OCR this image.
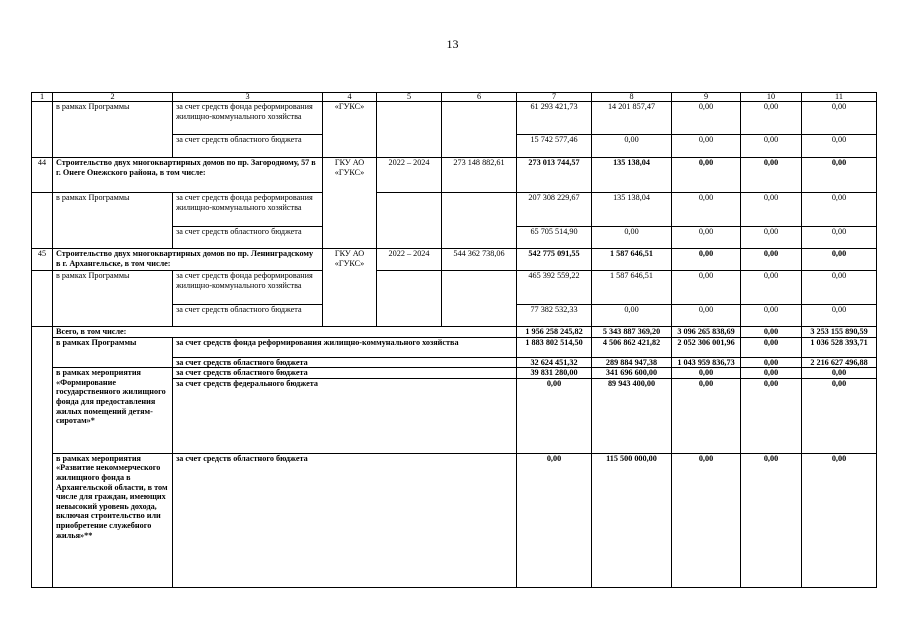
13
1	2	3	4	5	6	7	8	9	10	11
	в рамках Программы	за счет средств фонда реформирования жилищно-коммунального хозяйства	«ГУКС»			61 293 421,73	14 201 857,47	0,00	0,00	0,00
		за счет средств областного бюджета				15 742 577,46	0,00	0,00	0,00	0,00
44	Строительство двух многоквартирных домов по пр. Загородному, 57 в г. Онеге Онежского района, в том числе:		ГКУ АО «ГУКС»	2022 – 2024	273 148 882,61	273 013 744,57	135 138,04	0,00	0,00	0,00
	в рамках Программы	за счет средств фонда реформирования жилищно-коммунального хозяйства				207 308 229,67	135 138,04	0,00	0,00	0,00
		за счет средств областного бюджета				65 705 514,90	0,00	0,00	0,00	0,00
45	Строительство двух многоквартирных домов по пр. Ленинградскому в г. Архангельске, в том числе:		ГКУ АО «ГУКС»	2022 – 2024	544 362 738,06	542 775 091,55	1 587 646,51	0,00	0,00	0,00
	в рамках Программы	за счет средств фонда реформирования жилищно-коммунального хозяйства				465 392 559,22	1 587 646,51	0,00	0,00	0,00
		за счет средств областного бюджета				77 382 532,33	0,00	0,00	0,00	0,00
	Всего, в том числе:					1 956 258 245,82	5 343 887 369,20	3 096 265 838,69	0,00	3 253 155 890,59
	в рамках Программы	за счет средств фонда реформирования жилищно-коммунального хозяйства				1 883 802 514,50	4 506 862 421,82	2 052 306 001,96	0,00	1 036 528 393,71
		за счет средств областного бюджета				32 624 451,32	289 884 947,38	1 043 959 836,73	0,00	2 216 627 496,88
	в рамках мероприятия «Формирование государственного жилищного фонда для предоставления жилых помещений детям-сиротам»*	за счет средств областного бюджета				39 831 280,00	341 696 600,00	0,00	0,00	0,00
		за счет средств федерального бюджета				0,00	89 943 400,00	0,00	0,00	0,00
	в рамках мероприятия «Развитие некоммерческого жилищного фонда в Архангельской области, в том числе для граждан, имеющих невысокий уровень дохода, включая строительство или приобретение служебного жилья»**	за счет средств областного бюджета				0,00	115 500 000,00	0,00	0,00	0,00
